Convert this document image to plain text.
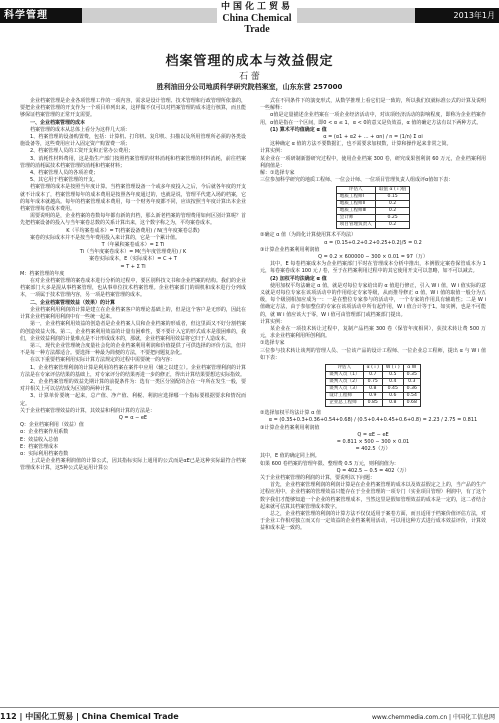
科学管理
中国化工贸易
China Chemical Trade
2013年1月
档案管理的成本与效益假定
石 蕾
胜利油田分公司地质科学研究院档案室，山东东营 257000

企业档案管理是企业各项管理工作的一项内容，需求是设计管理、技术管理和行政管理所依靠的，要把企业档案管理的开支作为一个项目单列出来，这样做不仅可以对档案管理的成本进行核算，而且能够保证档案管理的正常开支需要。

一、企业档案管理的成本

档案管理的成本从总体上看分为这样几大项：

1、档案管理的设备购置费，包括：计算机、打印机、复印机、扫描以及所用管理所必须的各类设施设备等，这些费用应计入固定资产购置费一项；

2、档案管理人员的工资开支和正常办公费用；

3、消耗性材料费用，这是指生产部门按照档案管理的材料消耗和档案管理的材料消耗，前往档案管理的消耗属技术档案管理的消耗和档案材料；

4、档案管理人员的各项差费；

5、其它用于档案管理的开支。

档案管理的成本是按照当年度计算。当档案管理设备一个或多年度投入之后，今后就各年度的开支就不计成本了，档案管理每年的成本费用是按照各年度通过的，也就是说，管理平代建入场的档案，它的每年成本就越高。每年的档案管理成本费用，每一个财务年度都不同，应该按照当年度计算出本企业档案管理每卷成本费用。

需要说明的是，企业档案的卷数每年都有新的归档，那么新老档案的管理费用如何区别计算呢？首先把档案设备的投入与当年案卷总数的关系计算出来，这个数字称之为，平均案卷成本。

K（平均案卷成本）= T(档案设备费用) / N(当年度案卷总数)

案卷的实际成本并不是按当年费用投入来计算的，它是一个累计值。

T（年累积案卷成本）= Σ Ti

Ti（当年度案卷成本）= M(当年度管理费用) / K

案卷实际成本，E（实际成本）= C + T

= T + Σ Ti

M：档案管理的年度

在对企业档案管理的案卷成本进行分析的过程中，要区别科技文书和企业档案的结构。我们的企业档案部门大多是混从事档案管理，也从事单位技术档案管理。企业档案部门的调机和成本进行分列成本，一项属于技术管理内容，另一项是档案管理的成本。

二、企业档案管理效益（效果）的计算

企业档案利用利润的计算是建立在企业档案客户的理论基础上的，但是这个客户是无形的，因此在计算企业档案利用利润中有一些统一起来。

第一，企业档案利用效益的创造者是企业档案人员和企业档案的形成者，但这里面又不好分割档案的创造效益大体。第二，企业档案利用效益的计量有困难性，要不要计入它的形式成本是很困难的，我们，企业效益利润的计量难点是不计形成成本的，那就，企业档案利用效益将它归于人造成本。

第三，现代企业管理统合度量社会化的企业档案利用利润和价值提供了可供选择的评价方法，但并不是每一种方法都适合。要选择一种最为简便的方法，不要把问题复杂化。

在以下重要档案利用实际计算方法规定的过程中需要统一的内容：

1、企业档案管理利润的计算是利用的档案在案件中应用（辅之以建立）。企业档案管理利润的计算方法是在专家评估结果的基础上，对专家评分的结果再进一步的修正，得出计算结果要想达实际指效。

2、企业档案管理的效益先期计算的前提条件为：选有一类区分别配的合在一年所在发生一般，要对并相关上可以估结成为区别的两种计算。

3、计算单价要统一起来，总产值、净产值、利税、利润应选择哪一个指标要根据要求和情况而定。

关于企业档案管理效益的计算，其效益和利润计算的方法是：

Q = α − eE

Q：企业档案利用（效益）值

α：企业档案作用系数

E：效益收入总值

E：档案管理成本

α：实际利用档案卷数

上式是企业档案利润值的计算公式，因其指标实际上通用的公式而是αE已是这种实际最符合档案管理成本计算，这5种公式是运用计算公

式在不同条件下的演变形式，从数学推理上看它们是一致的，所以我们仅就标准公式的计算及说明一些解释：

α值是定量描述企业档案在一项企业经济活动中，对该项经济活动的影响程度，即称为企业档案作用，α值是指在一个区间，即0 < α ≤ 1，α < 0的意义是负效益，α 值的确定方法有以下两种方式。

(1) 算术平均值确定 α 值

α = (α1 + α2 + … + αn) / n = (1/n) Σ αi

这种确定 α 值的方法不要数据汇，也不需要求加权数，计算和操作起来非常之简。

计算实例：

某企业在一项研制新器研究过程中，使用企业档案 300 卷，研究成果创利润 60 万元，企业档案利用利润值是：

解：①选择专家

三位参加科学研究的地质工程师、一位会计师、一位项目管理负责人组成评α值如下表：

评估人	取值 α ( i )值
地质工程师Ⅰ	0.15
地质工程师Ⅱ	0.2
地质工程师Ⅲ	0.2
会计师	0.25
项目管理负责人	0.2

②确定 α 值（为简化计算使用算术平均法）

α = (0.15+0.2+0.2+0.25+0.2)/5 = 0.2

③计算企业档案利用利润值

Q = 0.2 × 600000 − 300 × 0.01 = 97（万）

其中，E 每卷档案成本为企业档案部门平时在管理成本分析中推出，本例假定案卷保管成本为 1 元，每卷案卷成本 100 元 / 卷，至于在档案利用过程中的其它使用开支可以忽略，如不可以减去。

(2) 加权平均法确定 α 值

使用加权平均法确定 α 值，就是对每位专家给出的 α 值进行修正，引入 W i 值，W i 值实际的意义就是对每位专家在该项活动中的作用给定专家等级，从而推导修正 α 值，W i 值的取值一般分为五级，每个级别相加应成为一：一是在整位专家参与的活动中，一个专家的作用具有辅助性；二是 W i 值确定方法，由于参加整位的专家在该项活动中所有起作用，W i 值合计等于1。如实例，也是不可能的，就 W i 值应该大于零，W i 值可由管理部门或档案部门提出。

计算实例：

某企业在一项技术转让过程中，复制产品档案 300 卷（保管年度相同），获技术转让费 500 万元，求企业档案利用所创利润。

①选择专家

三位参与技术转让谈判的管理人员、一位该产品的设计工程师、一位企业总工程师，提出 α 与 W i 值如下表：

评估人	α ( i )	W ( i )	α W
谈判人员（1）	0.7	0.5	0.35
谈判人员（2）	0.75	0.4	0.3
谈判人员（3）	0.8	0.45	0.36
设计工程师	0.9	0.6	0.54
企业总工程师	0.85	0.8	0.68

②选择加权平均法计算 α 值

α = (0.35+0.3+0.36+0.54+0.68) / (0.5+0.4+0.45+0.6+0.8) = 2.23 / 2.75 = 0.811

③计算企业档案利用利润值

Q = αE − eE

= 0.811 × 500 − 300 × 0.01

= 402.5（万）

其中，E 值的确定同上例。

如果 600 卷档案的管理年限、整理费 0.5 万元，则利润值为：

Q = 402.5 − 0.5 = 402（万）

关于企业档案管理的利润的计算，要说明以下问题：

首先，企业档案管理利润的利润计算是在企业档案管理的成本以及效益假定之上的，当产品的生产过程应用中，企业档案的管理效益只能存在于全业管理的一项专门（实业项目管理）利润中，有了这个数字我们才能够知道一个企业的档案管理成本，当然这里是假如管理效益的成本是一定的，这二者结合起来就可估算其档案管理成本数字。

总之，企业档案管理的利润的计算方法不仅仅适用于案卷方面，而且适用于档案价值评估方法，对于企业工作相对独立而又有一定效益的企业档案利用活动，可以用这种方式进行成本效益评价，计算效益和成本是一致的。

112 | 中国化工贸易 | China Chemical Trade	www.chemmedia.com.cn | 中国化工信息网
